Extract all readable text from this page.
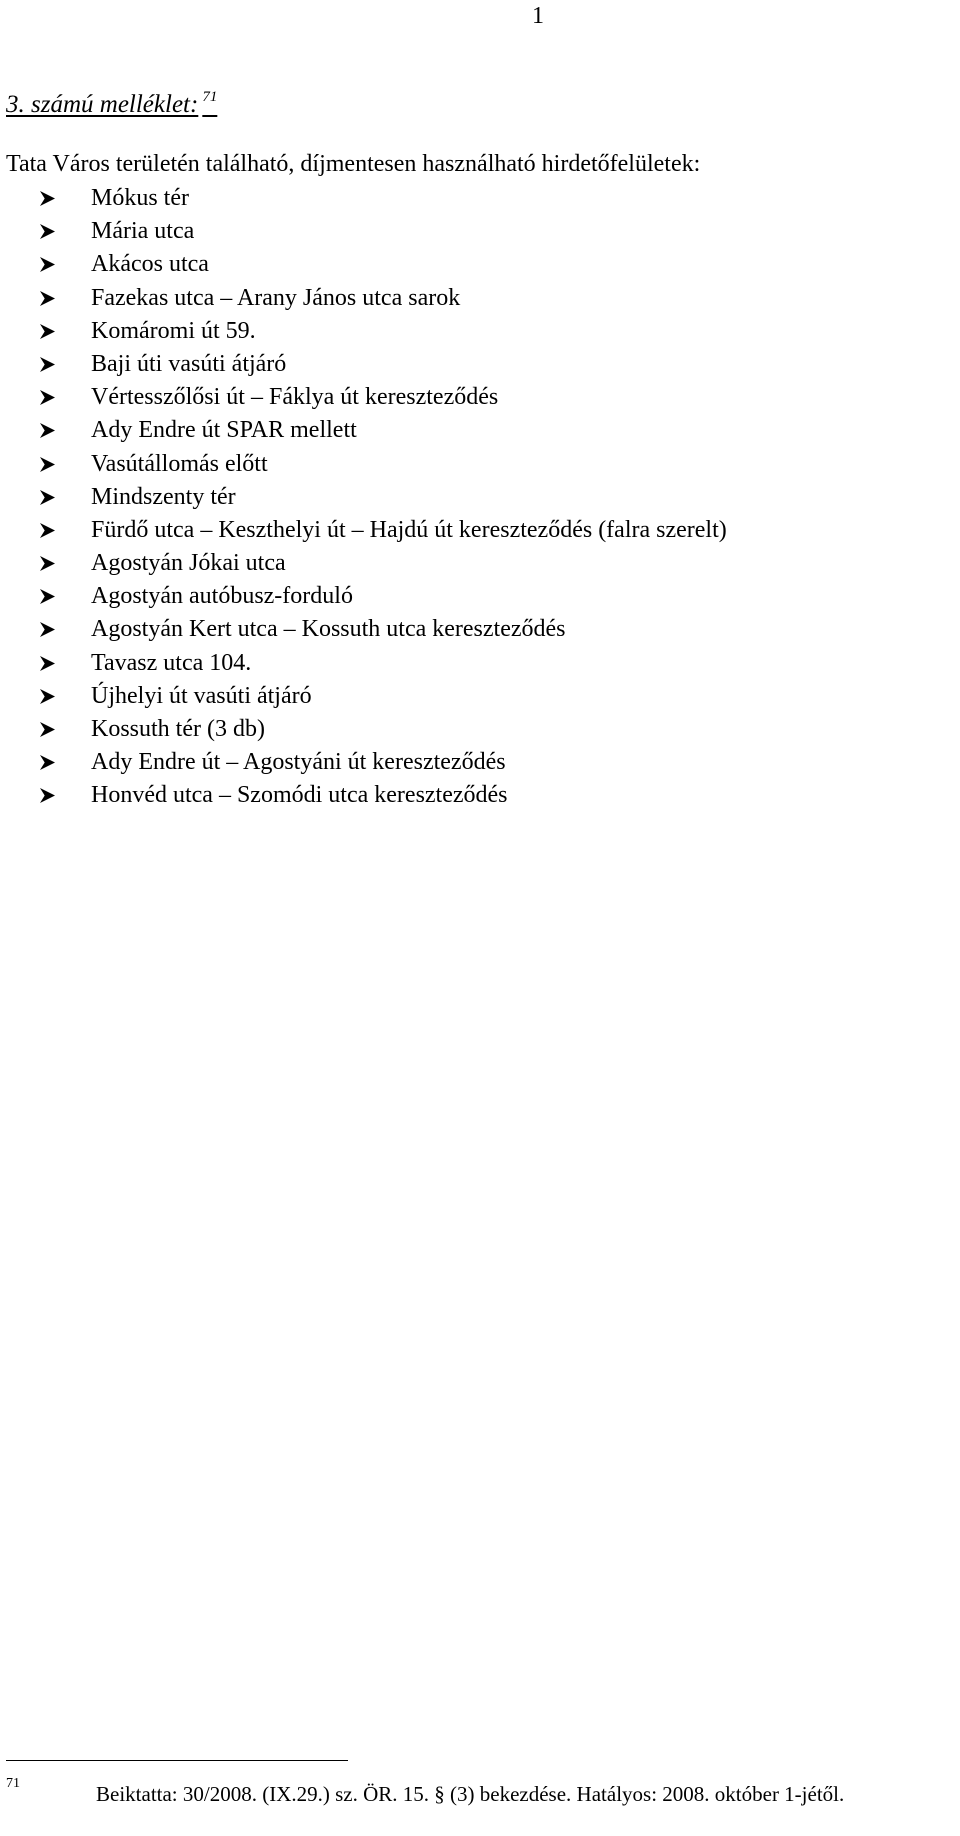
1
3. számú melléklet: $^{71}$
Tata Város területén található, díjmentesen használható hirdetőfelületek:
Mókus tér
Mária utca
Akácos utca
Fazekas utca – Arany János utca sarok
Komáromi út 59.
Baji úti vasúti átjáró
Vértesszőlősi út – Fáklya út kereszteződés
Ady Endre út SPAR mellett
Vasútállomás előtt
Mindszenty tér
Fürdő utca – Keszthelyi út – Hajdú út kereszteződés (falra szerelt)
Agostyán Jókai utca
Agostyán autóbusz-forduló
Agostyán Kert utca – Kossuth utca kereszteződés
Tavasz utca 104.
Újhelyi út vasúti átjáró
Kossuth tér (3 db)
Ady Endre út – Agostyáni út kereszteződés
Honvéd utca – Szomódi utca kereszteződés
71	Beiktatta: 30/2008. (IX.29.) sz. ÖR. 15. § (3) bekezdése. Hatályos: 2008. október 1-jétől.
